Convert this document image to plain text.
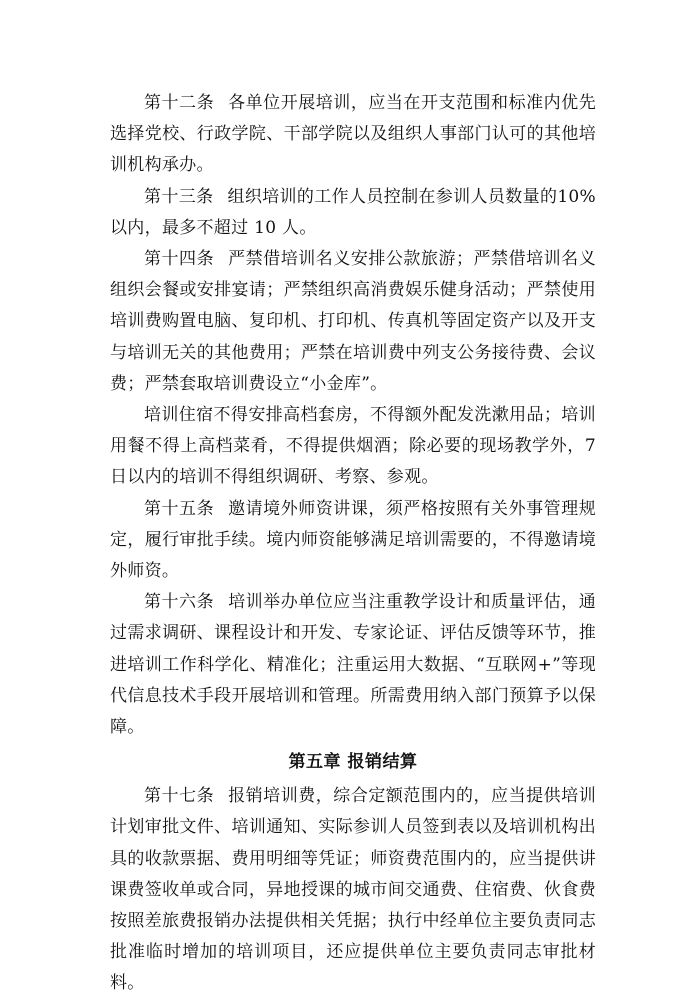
第十二条 各单位开展培训，应当在开支范围和标准内优先选择党校、行政学院、干部学院以及组织人事部门认可的其他培训机构承办。

第十三条 组织培训的工作人员控制在参训人员数量的10%以内，最多不超过 10 人。

第十四条 严禁借培训名义安排公款旅游；严禁借培训名义组织会餐或安排宴请；严禁组织高消费娱乐健身活动；严禁使用培训费购置电脑、复印机、打印机、传真机等固定资产以及开支与培训无关的其他费用；严禁在培训费中列支公务接待费、会议费；严禁套取培训费设立“小金库”。

培训住宿不得安排高档套房，不得额外配发洗漱用品；培训用餐不得上高档菜肴，不得提供烟酒；除必要的现场教学外，7 日以内的培训不得组织调研、考察、参观。

第十五条 邀请境外师资讲课，须严格按照有关外事管理规定，履行审批手续。境内师资能够满足培训需要的，不得邀请境外师资。

第十六条 培训举办单位应当注重教学设计和质量评估，通过需求调研、课程设计和开发、专家论证、评估反馈等环节，推进培训工作科学化、精准化；注重运用大数据、“互联网+”等现代信息技术手段开展培训和管理。所需费用纳入部门预算予以保障。

第五章 报销结算

第十七条 报销培训费，综合定额范围内的，应当提供培训计划审批文件、培训通知、实际参训人员签到表以及培训机构出具的收款票据、费用明细等凭证；师资费范围内的，应当提供讲课费签收单或合同，异地授课的城市间交通费、住宿费、伙食费按照差旅费报销办法提供相关凭据；执行中经单位主要负责同志批准临时增加的培训项目，还应提供单位主要负责同志审批材料。
